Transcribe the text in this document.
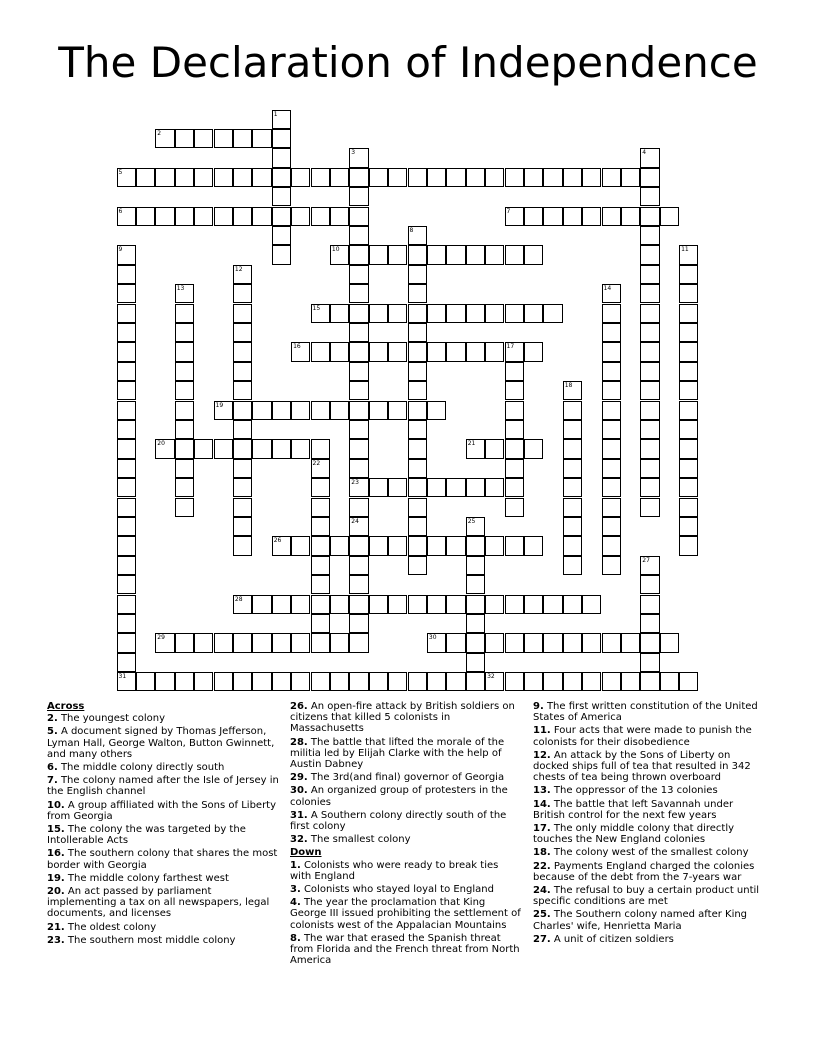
The Declaration of Independence
1
2
3
23
24
4
5
6	7
8
9
31
10	11
12
13	14
15
16	17
18
19
20	21
22
25
26
27
28
29	30
32
Across
2. The youngest colony
5. A document signed by Thomas Jefferson, Lyman Hall, George Walton, Button Gwinnett, and many others
6. The middle colony directly south
7. The colony named after the Isle of Jersey in the English channel
10. A group affiliated with the Sons of Liberty from Georgia
15. The colony the was targeted by the Intollerable Acts
16. The southern colony that shares the most border with Georgia
19. The middle colony farthest west
20. An act passed by parliament implementing a tax on all newspapers, legal documents, and licenses
21. The oldest colony
23. The southern most middle colony
26. An open-fire attack by British soldiers on citizens that killed 5 colonists in Massachusetts
28. The battle that lifted the morale of the militia led by Elijah Clarke with the help of Austin Dabney
29. The 3rd(and final) governor of Georgia
30. An organized group of protesters in the colonies
31. A Southern colony directly south of the first colony
32. The smallest colony
Down
1. Colonists who were ready to break ties with England
3. Colonists who stayed loyal to England
4. The year the proclamation that King George III issued prohibiting the settlement of colonists west of the Appalacian Mountains
8. The war that erased the Spanish threat from Florida and the French threat from North America
9. The first written constitution of the United States of America
11. Four acts that were made to punish the colonists for their disobedience
12. An attack by the Sons of Liberty on docked ships full of tea that resulted in 342 chests of tea being thrown overboard
13. The oppressor of the 13 colonies
14. The battle that left Savannah under British control for the next few years
17. The only middle colony that directly touches the New England colonies
18. The colony west of the smallest colony
22. Payments England charged the colonies because of the debt from the 7-years war
24. The refusal to buy a certain product until specific conditions are met
25. The Southern colony named after King Charles' wife, Henrietta Maria
27. A unit of citizen soldiers
